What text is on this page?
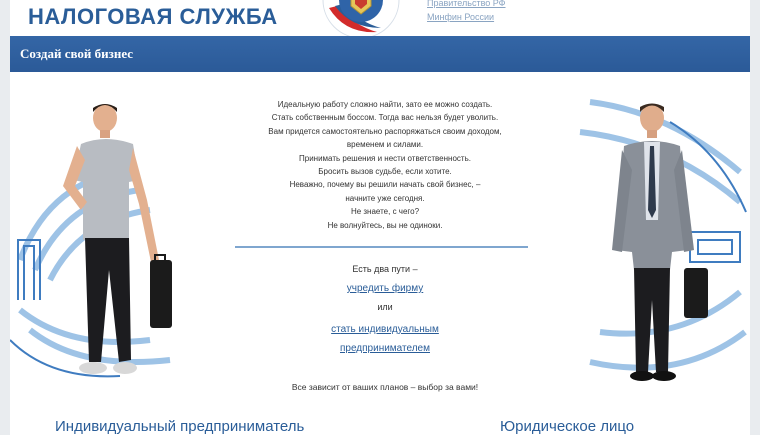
НАЛОГОВАЯ СЛУЖБА
Правительство РФ
Минфин России
Создай свой бизнес

Идеальную работу сложно найти, зато ее можно создать.

Стать собственным боссом. Тогда вас нельзя будет уволить.

Вам придется самостоятельно распоряжаться своим доходом,

временем и силами.

Принимать решения и нести ответственность.

Бросить вызов судьбе, если хотите.

Неважно, почему вы решили начать свой бизнес, –

начните уже сегодня.

Не знаете, с чего?

Не волнуйтесь, вы не одиноки.

Есть два пути –
учредить фирму
или
стать индивидуальным
предпринимателем
Все зависит от ваших планов – выбор за вами!
Индивидуальный предприниматель	Юридическое лицо
